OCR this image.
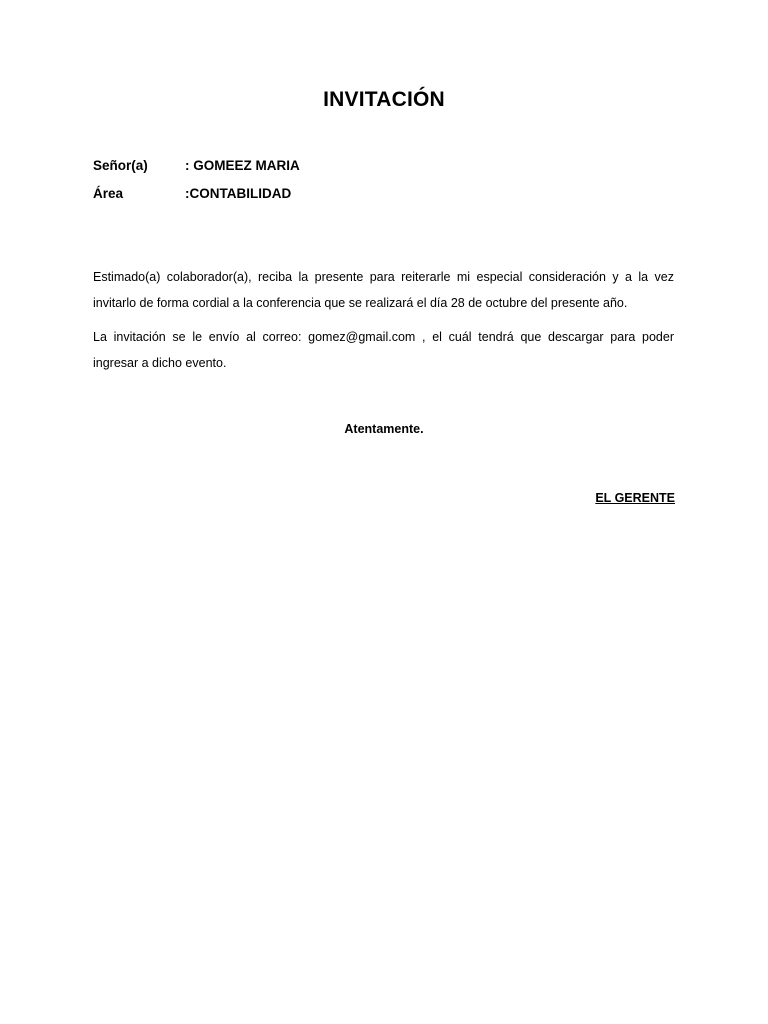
INVITACIÓN
Señor(a)	: GOMEEZ MARIA
Área	:CONTABILIDAD
Estimado(a) colaborador(a), reciba la presente para reiterarle mi especial consideración y a la vez invitarlo de forma cordial a la conferencia que se realizará el día 28 de octubre del presente año.
La invitación se le envío al correo: gomez@gmail.com , el cuál tendrá que descargar para poder ingresar a dicho evento.
Atentamente.
EL GERENTE
